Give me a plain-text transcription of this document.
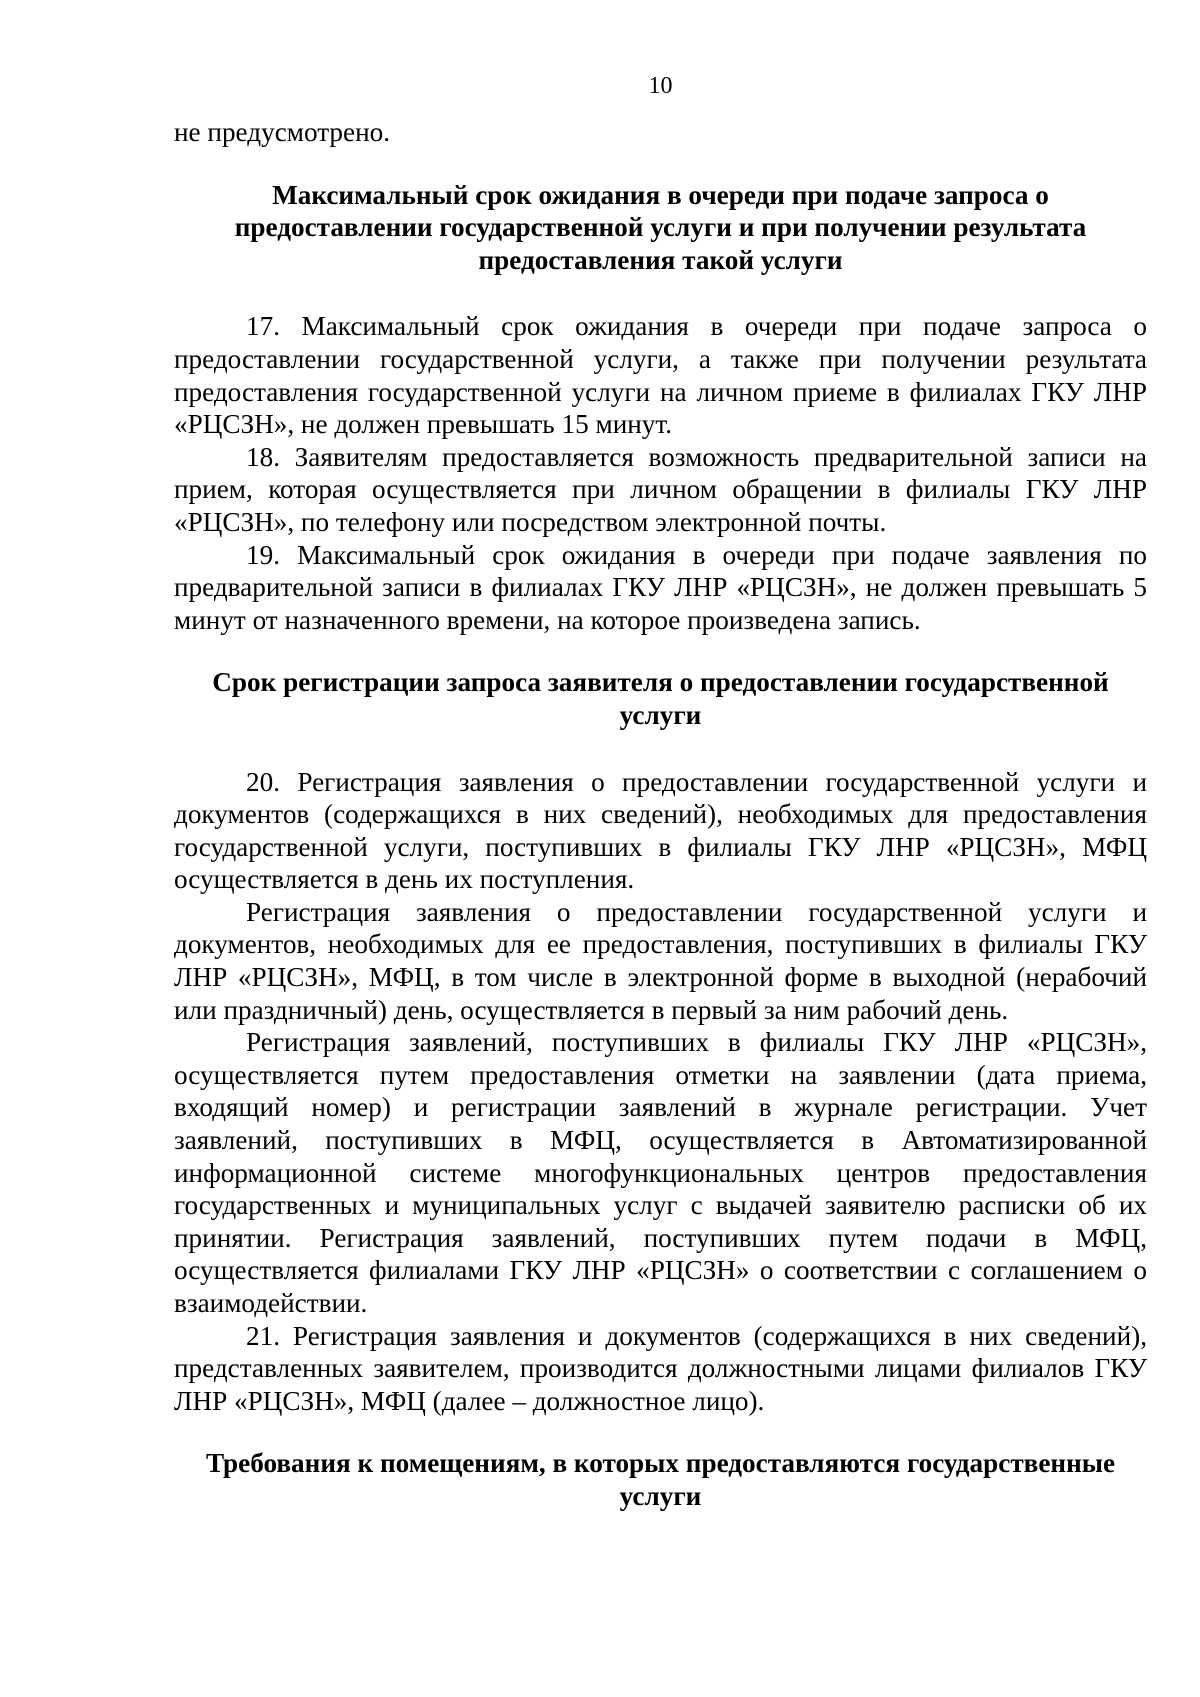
10

не предусмотрено.

Максимальный срок ожидания в очереди при подаче запроса о предоставлении государственной услуги и при получении результата предоставления такой услуги

17. Максимальный срок ожидания в очереди при подаче запроса о предоставлении государственной услуги, а также при получении результата предоставления государственной услуги на личном приеме в филиалах ГКУ ЛНР «РЦСЗН», не должен превышать 15 минут.

18. Заявителям предоставляется возможность предварительной записи на прием, которая осуществляется при личном обращении в филиалы ГКУ ЛНР «РЦСЗН», по телефону или посредством электронной почты.

19. Максимальный срок ожидания в очереди при подаче заявления по предварительной записи в филиалах ГКУ ЛНР «РЦСЗН», не должен превышать 5 минут от назначенного времени, на которое произведена запись.

Срок регистрации запроса заявителя о предоставлении государственной услуги

20. Регистрация заявления о предоставлении государственной услуги и документов (содержащихся в них сведений), необходимых для предоставления государственной услуги, поступивших в филиалы ГКУ ЛНР «РЦСЗН», МФЦ осуществляется в день их поступления.

Регистрация заявления о предоставлении государственной услуги и документов, необходимых для ее предоставления, поступивших в филиалы ГКУ ЛНР «РЦСЗН», МФЦ, в том числе в электронной форме в выходной (нерабочий или праздничный) день, осуществляется в первый за ним рабочий день.

Регистрация заявлений, поступивших в филиалы ГКУ ЛНР «РЦСЗН», осуществляется путем предоставления отметки на заявлении (дата приема, входящий номер) и регистрации заявлений в журнале регистрации. Учет заявлений, поступивших в МФЦ, осуществляется в Автоматизированной информационной системе многофункциональных центров предоставления государственных и муниципальных услуг с выдачей заявителю расписки об их принятии. Регистрация заявлений, поступивших путем подачи в МФЦ, осуществляется филиалами ГКУ ЛНР «РЦСЗН» о соответствии с соглашением о взаимодействии.

21. Регистрация заявления и документов (содержащихся в них сведений), представленных заявителем, производится должностными лицами филиалов ГКУ ЛНР «РЦСЗН», МФЦ (далее – должностное лицо).

Требования к помещениям, в которых предоставляются государственные услуги
